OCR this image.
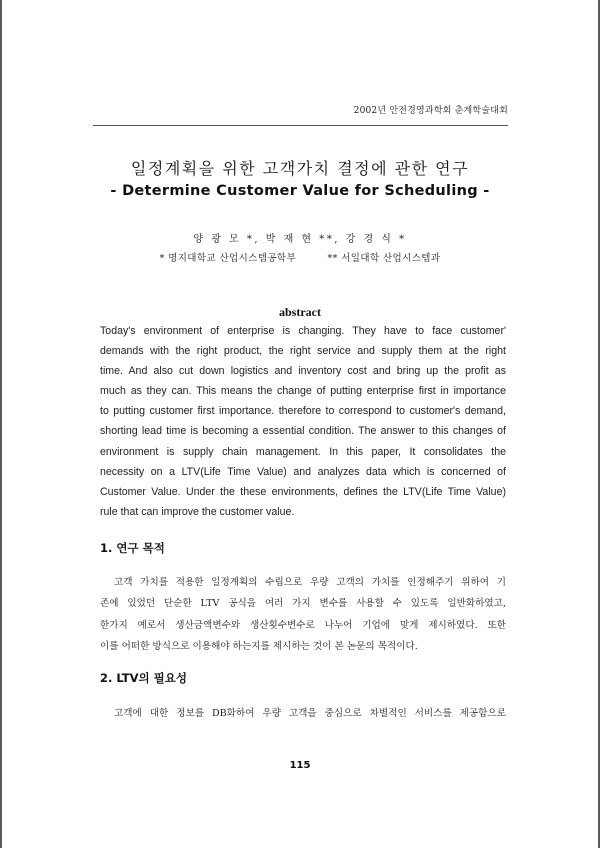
2002년 안전경영과학회 춘계학술대회
일정계획을 위한 고객가치 결정에 관한 연구
- Determine Customer Value for Scheduling -
양 광 모 *, 박 재 현 **, 강 경 식 *
* 명지대학교 산업시스템공학부	** 서일대학 산업시스템과
abstract
Today's environment of enterprise is changing. They have to face customer'
demands with the right product, the right service and supply them at the right
time. And also cut down logistics and inventory cost and bring up the profit as
much as they can. This means the change of putting enterprise first in importance
to putting customer first importance. therefore to correspond to customer's demand,
shorting lead time is becoming a essential condition. The answer to this changes of
environment is supply chain management. In this paper, It consolidates the
necessity on a LTV(Life Time Value) and analyzes data which is concerned of
Customer Value. Under the these environments, defines the LTV(Life Time Value)
rule that can improve the customer value.
1. 연구 목적
고객 가치를 적용한 일정계획의 수립으로 우량 고객의 가치를 인정해주기 위하여 기
존에 있었던 단순한 LTV 공식을 여러 가지 변수를 사용할 수 있도록 일반화하였고,
한가지 예로서 생산금액변수와 생산횟수변수로 나누어 기업에 맞게 제시하였다. 또한
이를 어떠한 방식으로 이용해야 하는지를 제시하는 것이 본 논문의 목적이다.
2. LTV의 필요성
고객에 대한 정보를 DB화하여 우량 고객을 중심으로 차별적인 서비스를 제공함으로
115
